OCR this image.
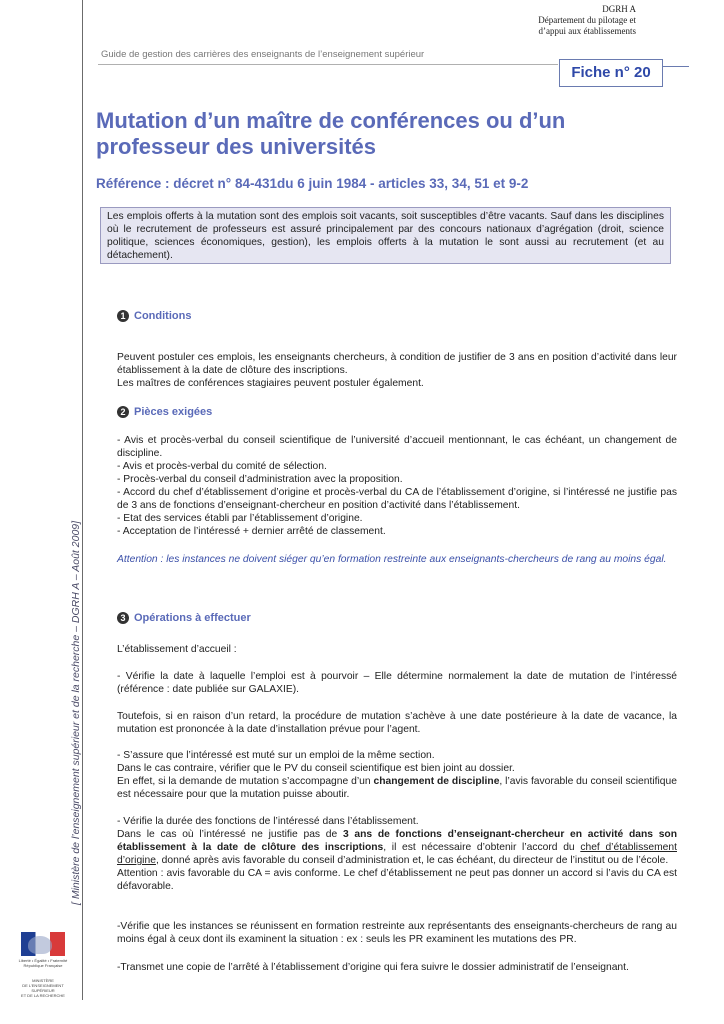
[ Ministère de l’enseignement supérieur et de la recherche – DGRH A – Août 2009]
DGRH A
Département du pilotage et
d’appui aux établissements
Guide de gestion des carrières des enseignants de l’enseignement supérieur
Fiche n° 20
Mutation d’un maître de conférences ou d’un professeur des universités
Référence : décret n° 84-431du 6 juin 1984 - articles 33, 34, 51 et 9-2
Les emplois offerts à la mutation sont des emplois soit vacants, soit susceptibles d’être vacants. Sauf dans les disciplines où le recrutement de professeurs est assuré principalement par des concours nationaux d’agrégation (droit, science politique, sciences économiques, gestion), les emplois offerts à la mutation le sont aussi au recrutement (et au détachement).
1 Conditions

Peuvent postuler ces emplois, les enseignants chercheurs, à condition de justifier de 3 ans en position d’activité dans leur établissement à la date de clôture des inscriptions.

Les maîtres de conférences stagiaires peuvent postuler également.

2 Pièces exigées

- Avis et procès-verbal du conseil scientifique de l’université d’accueil mentionnant, le cas échéant, un changement de discipline.

- Avis et procès-verbal du comité de sélection.

- Procès-verbal du conseil d’administration avec la proposition.

- Accord du chef d’établissement d’origine et procès-verbal du CA de l’établissement d’origine, si l’intéressé ne justifie pas de 3 ans de fonctions d’enseignant-chercheur en position d’activité dans l’établissement.

- Etat des services établi par l’établissement d’origine.

- Acceptation de l’intéressé + dernier arrêté de classement.

Attention : les instances ne doivent siéger qu’en formation restreinte aux enseignants-chercheurs de rang au moins égal.
3 Opérations à effectuer
L’établissement d’accueil :
- Vérifie la date à laquelle l’emploi est à pourvoir – Elle détermine normalement la date de mutation de l’intéressé (référence : date publiée sur GALAXIE).
Toutefois, si en raison d’un retard, la procédure de mutation s’achève à une date postérieure à la date de vacance, la mutation est prononcée à la date d’installation prévue pour l’agent.

- S’assure que l’intéressé est muté sur un emploi de la même section.

Dans le cas contraire, vérifier que le PV du conseil scientifique est bien joint au dossier.

En effet, si la demande de mutation s’accompagne d’un changement de discipline, l’avis favorable du conseil scientifique est nécessaire pour que la mutation puisse aboutir.

- Vérifie la durée des fonctions de l’intéressé dans l’établissement.

Dans le cas où l’intéressé ne justifie pas de 3 ans de fonctions d’enseignant-chercheur en activité dans son établissement à la date de clôture des inscriptions, il est nécessaire d’obtenir l’accord du chef d’établissement d’origine, donné après avis favorable du conseil d’administration et, le cas échéant, du directeur de l’institut ou de l’école.

Attention : avis favorable du CA = avis conforme. Le chef d’établissement ne peut pas donner un accord si l’avis du CA est défavorable.

-Vérifie que les instances se réunissent en formation restreinte aux représentants des enseignants-chercheurs de rang au moins égal à ceux dont ils examinent la situation : ex : seuls les PR examinent les mutations des PR.
-Transmet une copie de l’arrêté à l’établissement d’origine qui fera suivre le dossier administratif de l’enseignant.
Liberté • Égalité • Fraternité
République Française
MINISTÈRE
DE L’ENSEIGNEMENT SUPÉRIEUR
ET DE LA RECHERCHE
